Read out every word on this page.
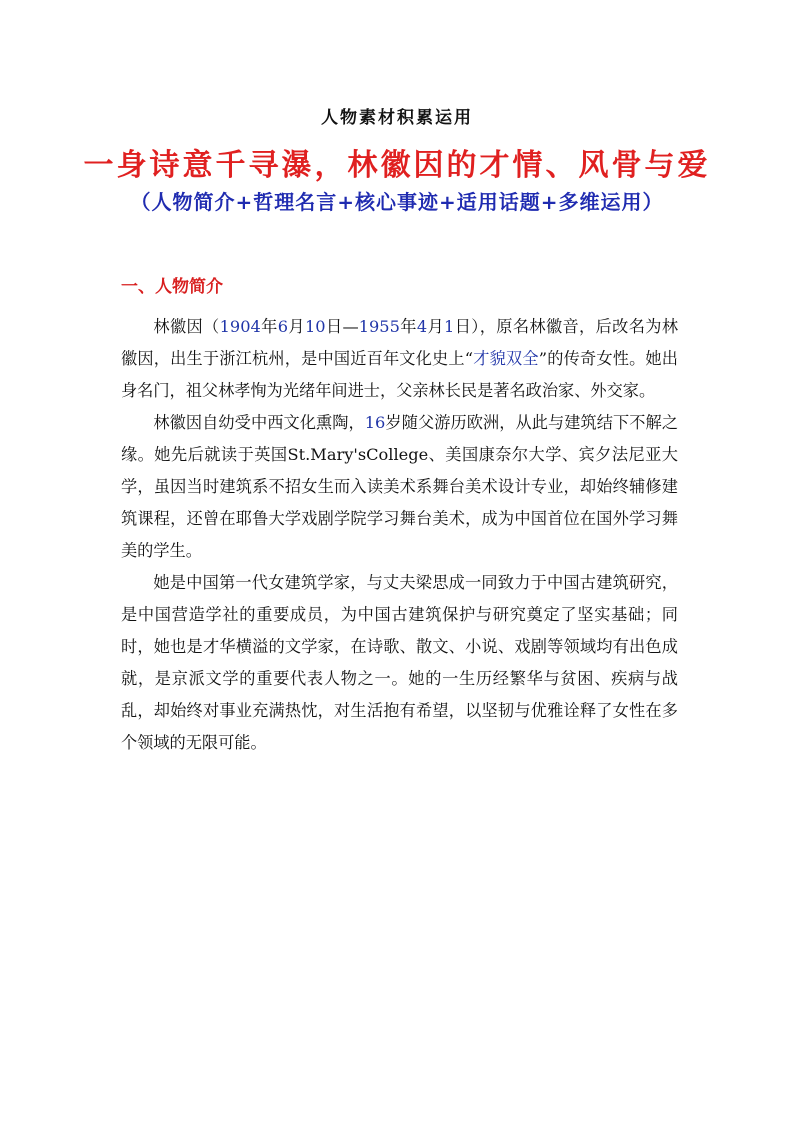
人物素材积累运用
一身诗意千寻瀑，林徽因的才情、风骨与爱
（人物简介+哲理名言+核心事迹+适用话题+多维运用）
一、人物简介

林徽因（1904年6月10日—1955年4月1日），原名林徽音，后改名为林徽因，出生于浙江杭州，是中国近百年文化史上“才貌双全”的传奇女性。她出身名门，祖父林孝恂为光绪年间进士，父亲林长民是著名政治家、外交家。

林徽因自幼受中西文化熏陶，16岁随父游历欧洲，从此与建筑结下不解之缘。她先后就读于英国St.Mary'sCollege、美国康奈尔大学、宾夕法尼亚大学，虽因当时建筑系不招女生而入读美术系舞台美术设计专业，却始终辅修建筑课程，还曾在耶鲁大学戏剧学院学习舞台美术，成为中国首位在国外学习舞美的学生。

她是中国第一代女建筑学家，与丈夫梁思成一同致力于中国古建筑研究，是中国营造学社的重要成员，为中国古建筑保护与研究奠定了坚实基础；同时，她也是才华横溢的文学家，在诗歌、散文、小说、戏剧等领域均有出色成就，是京派文学的重要代表人物之一。她的一生历经繁华与贫困、疾病与战乱，却始终对事业充满热忱，对生活抱有希望，以坚韧与优雅诠释了女性在多个领域的无限可能。
